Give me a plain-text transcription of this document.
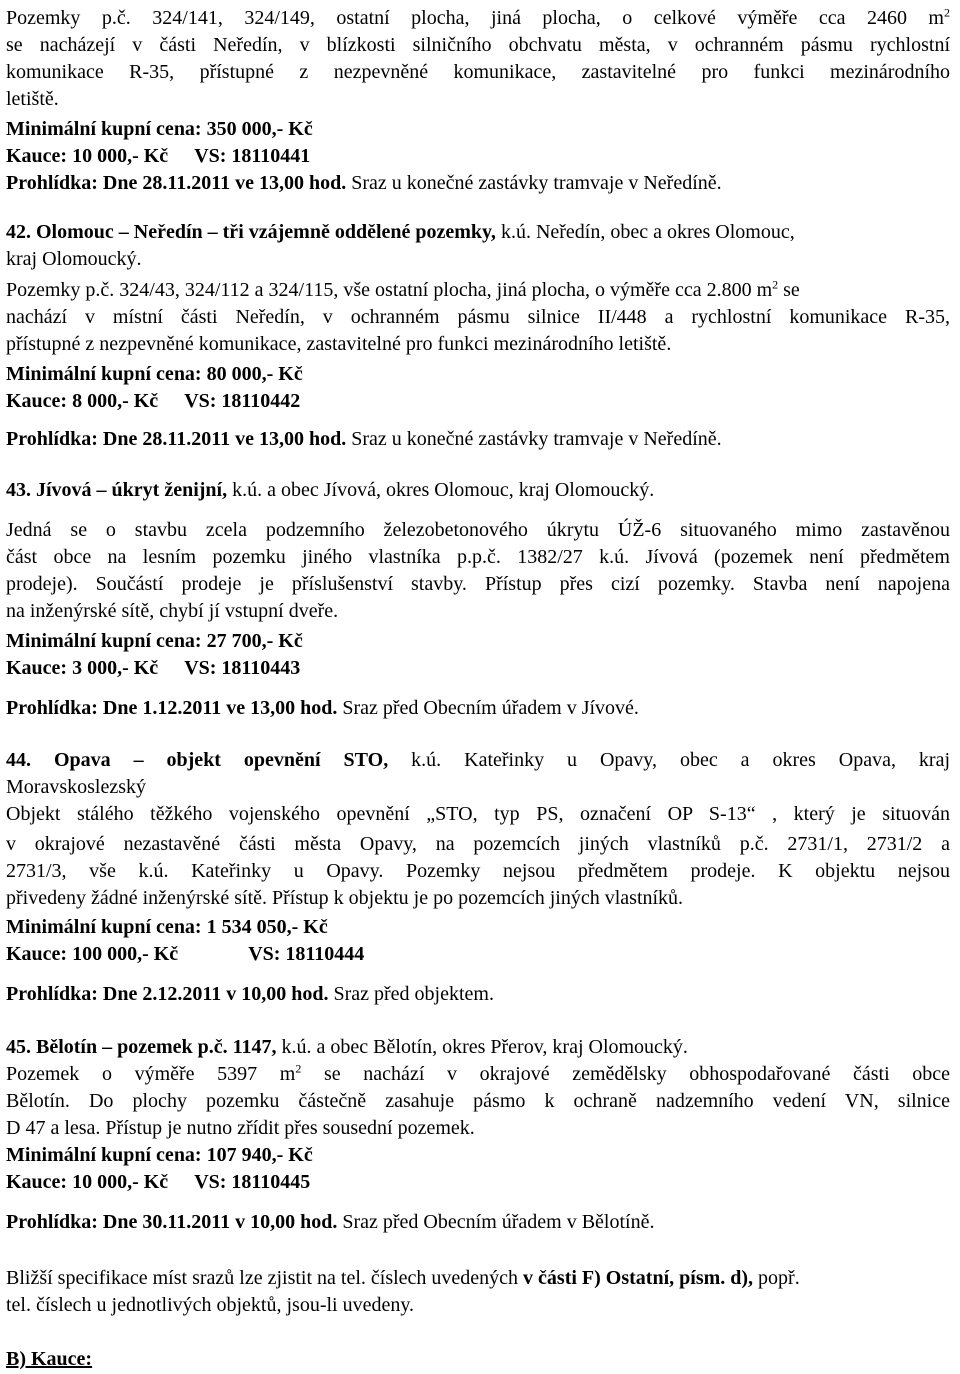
Pozemky p.č. 324/141, 324/149, ostatní plocha, jiná plocha, o celkové výměře cca 2460 $m^2$
se nacházejí v části Neředín, v blízkosti silničního obchvatu města, v ochranném pásmu rychlostní
komunikace R-35, přístupné z nezpevněné komunikace, zastavitelné pro funkci mezinárodního
letiště.
Minimální kupní cena: 350 000,- Kč
Kauce: 10 000,- Kč VS: 18110441
Prohlídka: Dne 28.11.2011 ve 13,00 hod. Sraz u konečné zastávky tramvaje v Neředíně.
42. Olomouc – Neředín – tři vzájemně oddělené pozemky, k.ú. Neředín, obec a okres Olomouc,
kraj Olomoucký.
Pozemky p.č. 324/43, 324/112 a 324/115, vše ostatní plocha, jiná plocha, o výměře cca 2.800 $m^2$ se
nachází v místní části Neředín, v ochranném pásmu silnice II/448 a rychlostní komunikace R-35,
přístupné z nezpevněné komunikace, zastavitelné pro funkci mezinárodního letiště.
Minimální kupní cena: 80 000,- Kč
Kauce: 8 000,- Kč VS: 18110442
Prohlídka: Dne 28.11.2011 ve 13,00 hod. Sraz u konečné zastávky tramvaje v Neředíně.
43. Jívová – úkryt ženijní, k.ú. a obec Jívová, okres Olomouc, kraj Olomoucký.
Jedná se o stavbu zcela podzemního železobetonového úkrytu ÚŽ-6 situovaného mimo zastavěnou
část obce na lesním pozemku jiného vlastníka p.p.č. 1382/27 k.ú. Jívová (pozemek není předmětem
prodeje). Součástí prodeje je příslušenství stavby. Přístup přes cizí pozemky. Stavba není napojena
na inženýrské sítě, chybí jí vstupní dveře.
Minimální kupní cena: 27 700,- Kč
Kauce: 3 000,- Kč VS: 18110443
Prohlídka: Dne 1.12.2011 ve 13,00 hod. Sraz před Obecním úřadem v Jívové.
44. Opava – objekt opevnění STO, k.ú. Kateřinky u Opavy, obec a okres Opava, kraj
Moravskoslezský
Objekt stálého těžkého vojenského opevnění „STO, typ PS, označení OP S-13“ , který je situován
v okrajové nezastavěné části města Opavy, na pozemcích jiných vlastníků p.č. 2731/1, 2731/2 a
2731/3, vše k.ú. Kateřinky u Opavy. Pozemky nejsou předmětem prodeje. K objektu nejsou
přivedeny žádné inženýrské sítě. Přístup k objektu je po pozemcích jiných vlastníků.
Minimální kupní cena: 1 534 050,- Kč
Kauce: 100 000,- Kč	VS: 18110444
Prohlídka: Dne 2.12.2011 v 10,00 hod. Sraz před objektem.
45. Bělotín – pozemek p.č. 1147, k.ú. a obec Bělotín, okres Přerov, kraj Olomoucký.
Pozemek o výměře 5397 $m^2$ se nachází v okrajové zemědělsky obhospodařované části obce
Bělotín. Do plochy pozemku částečně zasahuje pásmo k ochraně nadzemního vedení VN, silnice
D 47 a lesa. Přístup je nutno zřídit přes sousední pozemek.
Minimální kupní cena: 107 940,- Kč
Kauce: 10 000,- Kč VS: 18110445
Prohlídka: Dne 30.11.2011 v 10,00 hod. Sraz před Obecním úřadem v Bělotíně.
Bližší specifikace míst srazů lze zjistit na tel. číslech uvedených v části F) Ostatní, písm. d), popř.
tel. číslech u jednotlivých objektů, jsou-li uvedeny.
B) Kauce:
